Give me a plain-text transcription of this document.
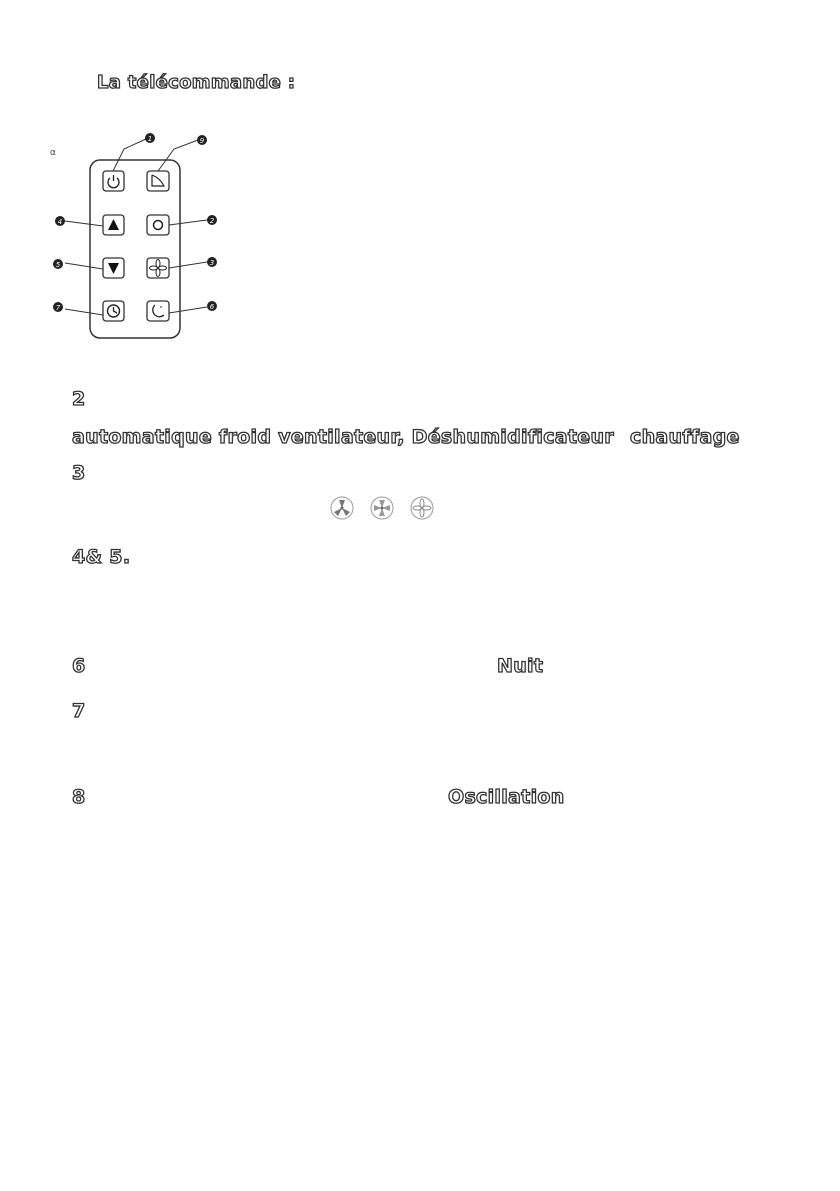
La télécommande :
α
1	9
4	2
5	3
7	6
2
automatique froid ventilateur, Déshumidificateur chauffage
3
4& 5.
6	Nuit
7
8	Oscillation
